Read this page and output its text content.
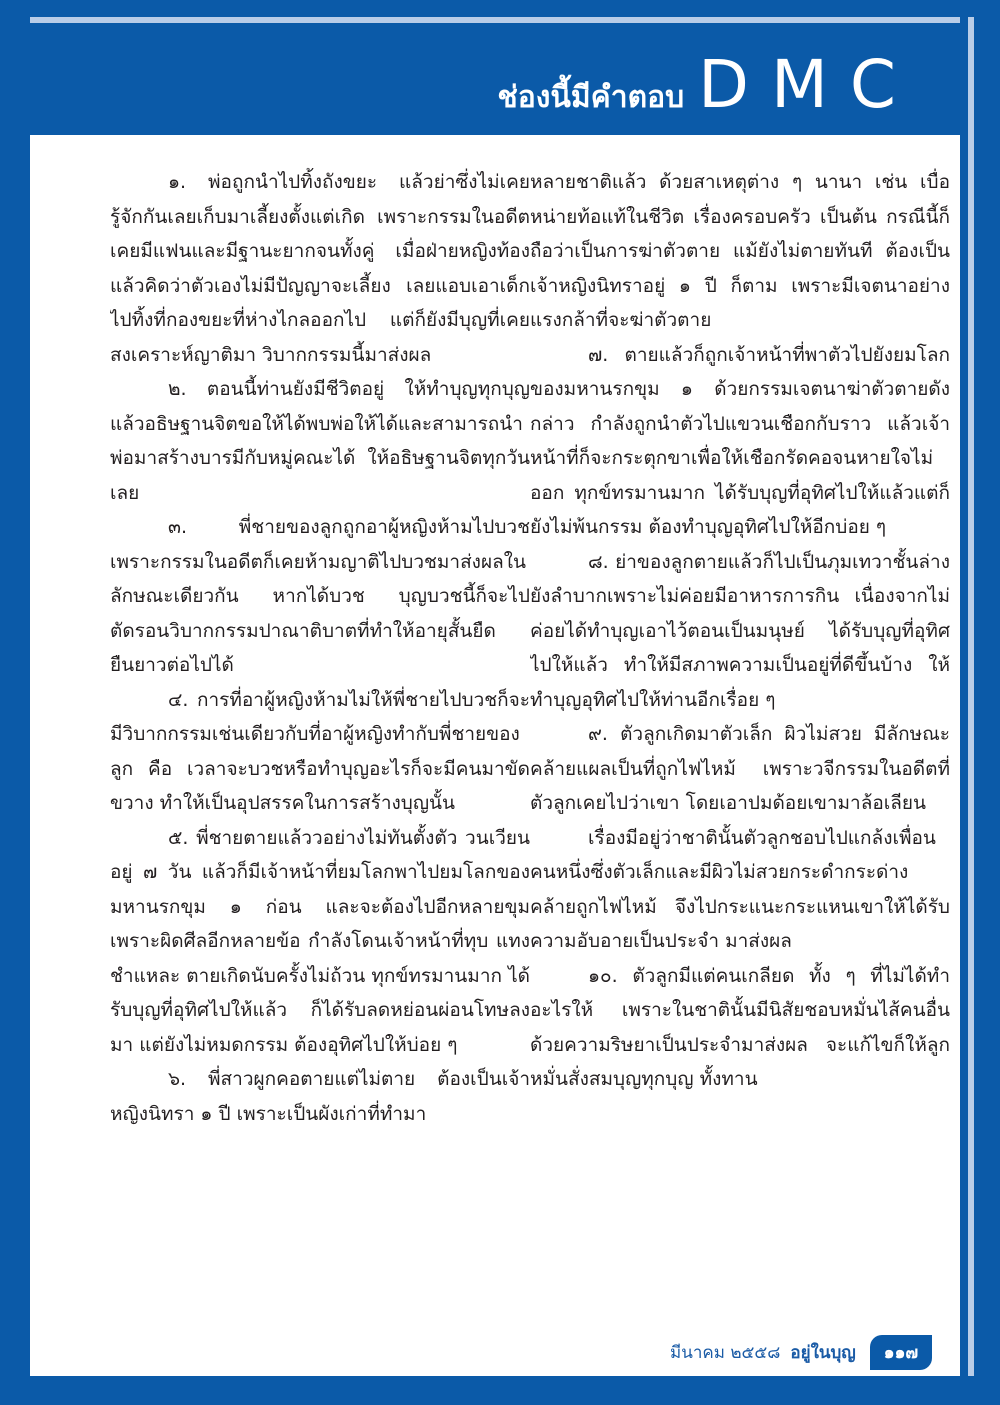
ช่องนี้มีคำตอบ DMC

๑. พ่อถูกนำไปทิ้งถังขยะ แล้วย่าซึ่งไม่เคยรู้จักกันเลยเก็บมาเลี้ยงตั้งแต่เกิด เพราะกรรมในอดีตเคยมีแฟนและมีฐานะยากจนทั้งคู่ เมื่อฝ่ายหญิงท้องแล้วคิดว่าตัวเองไม่มีปัญญาจะเลี้ยง เลยแอบเอาเด็กไปทิ้งที่กองขยะที่ห่างไกลออกไป แต่ก็ยังมีบุญที่เคยสงเคราะห์ญาติมา วิบากกรรมนี้มาส่งผล

๒. ตอนนี้ท่านยังมีชีวิตอยู่ ให้ทำบุญทุกบุญแล้วอธิษฐานจิตขอให้ได้พบพ่อให้ได้และสามารถนำพ่อมาสร้างบารมีกับหมู่คณะได้ ให้อธิษฐานจิตทุกวันเลย

๓. พี่ชายของลูกถูกอาผู้หญิงห้ามไปบวช เพราะกรรมในอดีตก็เคยห้ามญาติไปบวชมาส่งผลในลักษณะเดียวกัน หากได้บวช บุญบวชนี้ก็จะไปตัดรอนวิบากกรรมปาณาติบาตที่ทำให้อายุสั้นยืดยืนยาวต่อไปได้

๔. การที่อาผู้หญิงห้ามไม่ให้พี่ชายไปบวชก็จะมีวิบากกรรมเช่นเดียวกับที่อาผู้หญิงทำกับพี่ชายของลูก คือ เวลาจะบวชหรือทำบุญอะไรก็จะมีคนมาขัดขวาง ทำให้เป็นอุปสรรคในการสร้างบุญนั้น

๕. พี่ชายตายแล้ววอย่างไม่ทันตั้งตัว วนเวียนอยู่ ๗ วัน แล้วก็มีเจ้าหน้าที่ยมโลกพาไปยมโลกของมหานรกขุม ๑ ก่อน และจะต้องไปอีกหลายขุม เพราะผิดศีลอีกหลายข้อ กำลังโดนเจ้าหน้าที่ทุบ แทง ชำแหละ ตายเกิดนับครั้งไม่ถ้วน ทุกข์ทรมานมาก ได้รับบุญที่อุทิศไปให้แล้ว ก็ได้รับลดหย่อนผ่อนโทษลงมา แต่ยังไม่หมดกรรม ต้องอุทิศไปให้บ่อย ๆ

๖. พี่สาวผูกคอตายแต่ไม่ตาย ต้องเป็นเจ้าหญิงนิทรา ๑ ปี เพราะเป็นผังเก่าที่ทำมา

หลายชาติแล้ว ด้วยสาเหตุต่าง ๆ นานา เช่น เบื่อหน่ายท้อแท้ในชีวิต เรื่องครอบครัว เป็นต้น กรณีนี้ก็ถือว่าเป็นการฆ่าตัวตาย แม้ยังไม่ตายทันที ต้องเป็นเจ้าหญิงนิทราอยู่ ๑ ปี ก็ตาม เพราะมีเจตนาอย่างแรงกล้าที่จะฆ่าตัวตาย

๗. ตายแล้วก็ถูกเจ้าหน้าที่พาตัวไปยังยมโลกของมหานรกขุม ๑ ด้วยกรรมเจตนาฆ่าตัวตายดังกล่าว กำลังถูกนำตัวไปแขวนเชือกกับราว แล้วเจ้าหน้าที่ก็จะกระตุกขาเพื่อให้เชือกรัดคอจนหายใจไม่ออก ทุกข์ทรมานมาก ได้รับบุญที่อุทิศไปให้แล้วแต่ก็ยังไม่พ้นกรรม ต้องทำบุญอุทิศไปให้อีกบ่อย ๆ

๘. ย่าของลูกตายแล้วก็ไปเป็นภุมเทวาชั้นล่าง ยังลำบากเพราะไม่ค่อยมีอาหารการกิน เนื่องจากไม่ค่อยได้ทำบุญเอาไว้ตอนเป็นมนุษย์ ได้รับบุญที่อุทิศไปให้แล้ว ทำให้มีสภาพความเป็นอยู่ที่ดีขึ้นบ้าง ให้ทำบุญอุทิศไปให้ท่านอีกเรื่อย ๆ

๙. ตัวลูกเกิดมาตัวเล็ก ผิวไม่สวย มีลักษณะคล้ายแผลเป็นที่ถูกไฟไหม้ เพราะวจีกรรมในอดีตที่ตัวลูกเคยไปว่าเขา โดยเอาปมด้อยเขามาล้อเลียน

เรื่องมีอยู่ว่าชาตินั้นตัวลูกชอบไปแกล้งเพื่อนคนหนึ่งซึ่งตัวเล็กและมีผิวไม่สวยกระดำกระด่างคล้ายถูกไฟไหม้ จึงไปกระแนะกระแหนเขาให้ได้รับความอับอายเป็นประจำ มาส่งผล

๑๐. ตัวลูกมีแต่คนเกลียด ทั้ง ๆ ที่ไม่ได้ทำอะไรให้ เพราะในชาตินั้นมีนิสัยชอบหมั่นไส้คนอื่นด้วยความริษยาเป็นประจำมาส่งผล จะแก้ไขก็ให้ลูกหมั่นสั่งสมบุญทุกบุญ ทั้งทาน

มีนาคม ๒๕๕๘ อยู่ในบุญ	๑๑๗
